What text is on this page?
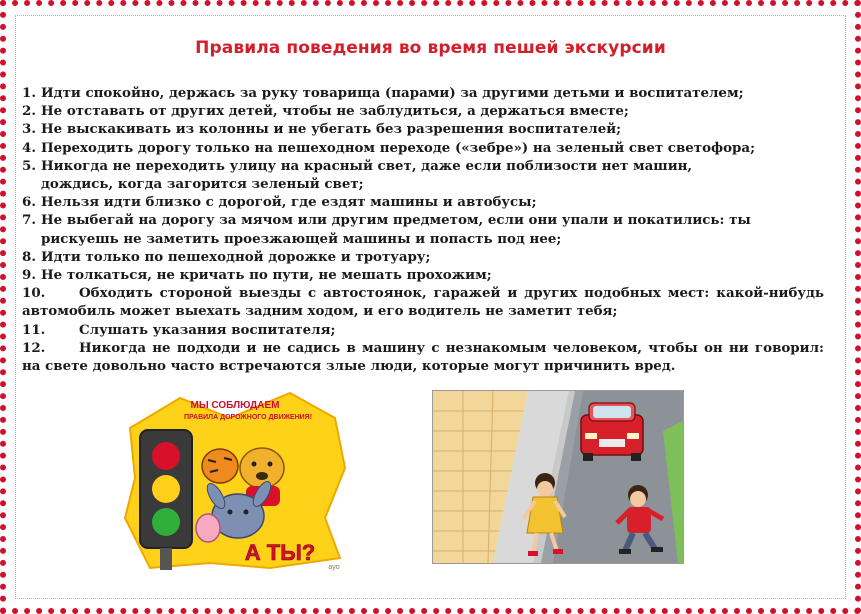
Правила поведения во время пешей экскурсии
1. Идти спокойно, держась за руку товарища (парами) за другими детьми и воспитателем;
2. Не отставать от других детей, чтобы не заблудиться, а держаться вместе;
3. Не выскакивать из колонны и не убегать без разрешения воспитателей;
4. Переходить дорогу только на пешеходном переходе («зебре») на зеленый свет светофора;
5. Никогда не переходить улицу на красный свет, даже если поблизости нет машин,
дождись, когда загорится зеленый свет;
6. Нельзя идти близко с дорогой, где ездят машины и автобусы;
7. Не выбегай на дорогу за мячом или другим предметом, если они упали и покатились: ты
рискуешь не заметить проезжающей машины и попасть под нее;
8. Идти только по пешеходной дорожке и тротуару;
9. Не толкаться, не кричать по пути, не мешать прохожим;
10.	Обходить стороной выезды с автостоянок, гаражей и других подобных мест: какой-нибудь автомобиль может выехать задним ходом, и его водитель не заметит тебя;
11.	Слушать указания воспитателя;
12.	Никогда не подходи и не садись в машину с незнакомым человеком, чтобы он ни говорил: на свете довольно часто встречаются злые люди, которые могут причинить вред.
МЫ СОБЛЮДАЕМ
ПРАВИЛА ДОРОЖНОГО ДВИЖЕНИЯ!
А ТЫ?
ayo
